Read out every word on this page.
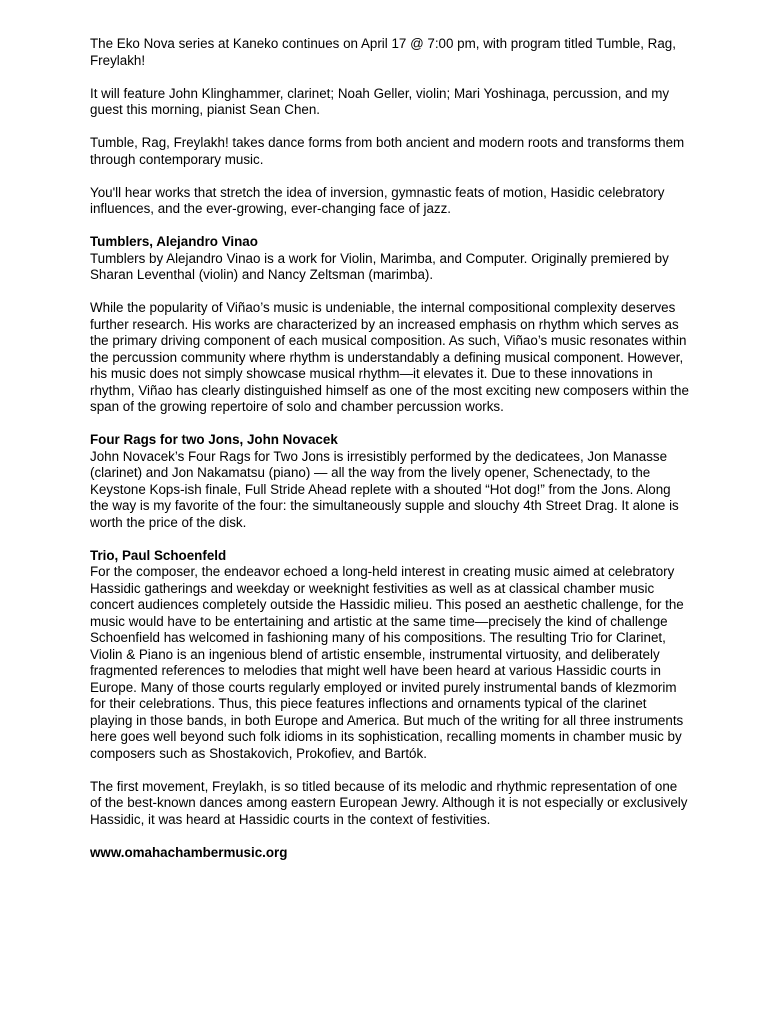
The Eko Nova series at Kaneko continues on April 17 @ 7:00 pm, with program titled Tumble, Rag, Freylakh!

It will feature John Klinghammer, clarinet; Noah Geller, violin; Mari Yoshinaga, percussion, and my guest this morning, pianist Sean Chen.

Tumble, Rag, Freylakh! takes dance forms from both ancient and modern roots and transforms them through contemporary music.

You'll hear works that stretch the idea of inversion, gymnastic feats of motion, Hasidic celebratory influences, and the ever-growing, ever-changing face of jazz.

Tumblers, Alejandro Vinao
Tumblers by Alejandro Vinao is a work for Violin, Marimba, and Computer. Originally premiered by Sharan Leventhal (violin) and Nancy Zeltsman (marimba).

While the popularity of Viñao’s music is undeniable, the internal compositional complexity deserves further research. His works are characterized by an increased emphasis on rhythm which serves as the primary driving component of each musical composition. As such, Viñao’s music resonates within the percussion community where rhythm is understandably a defining musical component. However, his music does not simply showcase musical rhythm—it elevates it. Due to these innovations in rhythm, Viñao has clearly distinguished himself as one of the most exciting new composers within the span of the growing repertoire of solo and chamber percussion works.

Four Rags for two Jons, John Novacek
John Novacek’s Four Rags for Two Jons is irresistibly performed by the dedicatees, Jon Manasse (clarinet) and Jon Nakamatsu (piano) — all the way from the lively opener, Schenectady, to the Keystone Kops-ish finale, Full Stride Ahead replete with a shouted “Hot dog!” from the Jons. Along the way is my favorite of the four: the simultaneously supple and slouchy 4th Street Drag. It alone is worth the price of the disk.

Trio, Paul Schoenfeld
For the composer, the endeavor echoed a long-held interest in creating music aimed at celebratory Hassidic gatherings and weekday or weeknight festivities as well as at classical chamber music concert audiences completely outside the Hassidic milieu. This posed an aesthetic challenge, for the music would have to be entertaining and artistic at the same time—precisely the kind of challenge Schoenfield has welcomed in fashioning many of his compositions. The resulting Trio for Clarinet, Violin & Piano is an ingenious blend of artistic ensemble, instrumental virtuosity, and deliberately fragmented references to melodies that might well have been heard at various Hassidic courts in Europe. Many of those courts regularly employed or invited purely instrumental bands of klezmorim for their celebrations. Thus, this piece features inflections and ornaments typical of the clarinet playing in those bands, in both Europe and America. But much of the writing for all three instruments here goes well beyond such folk idioms in its sophistication, recalling moments in chamber music by composers such as Shostakovich, Prokofiev, and Bartók.

The first movement, Freylakh, is so titled because of its melodic and rhythmic representation of one of the best-known dances among eastern European Jewry. Although it is not especially or exclusively Hassidic, it was heard at Hassidic courts in the context of festivities.

www.omahachambermusic.org
